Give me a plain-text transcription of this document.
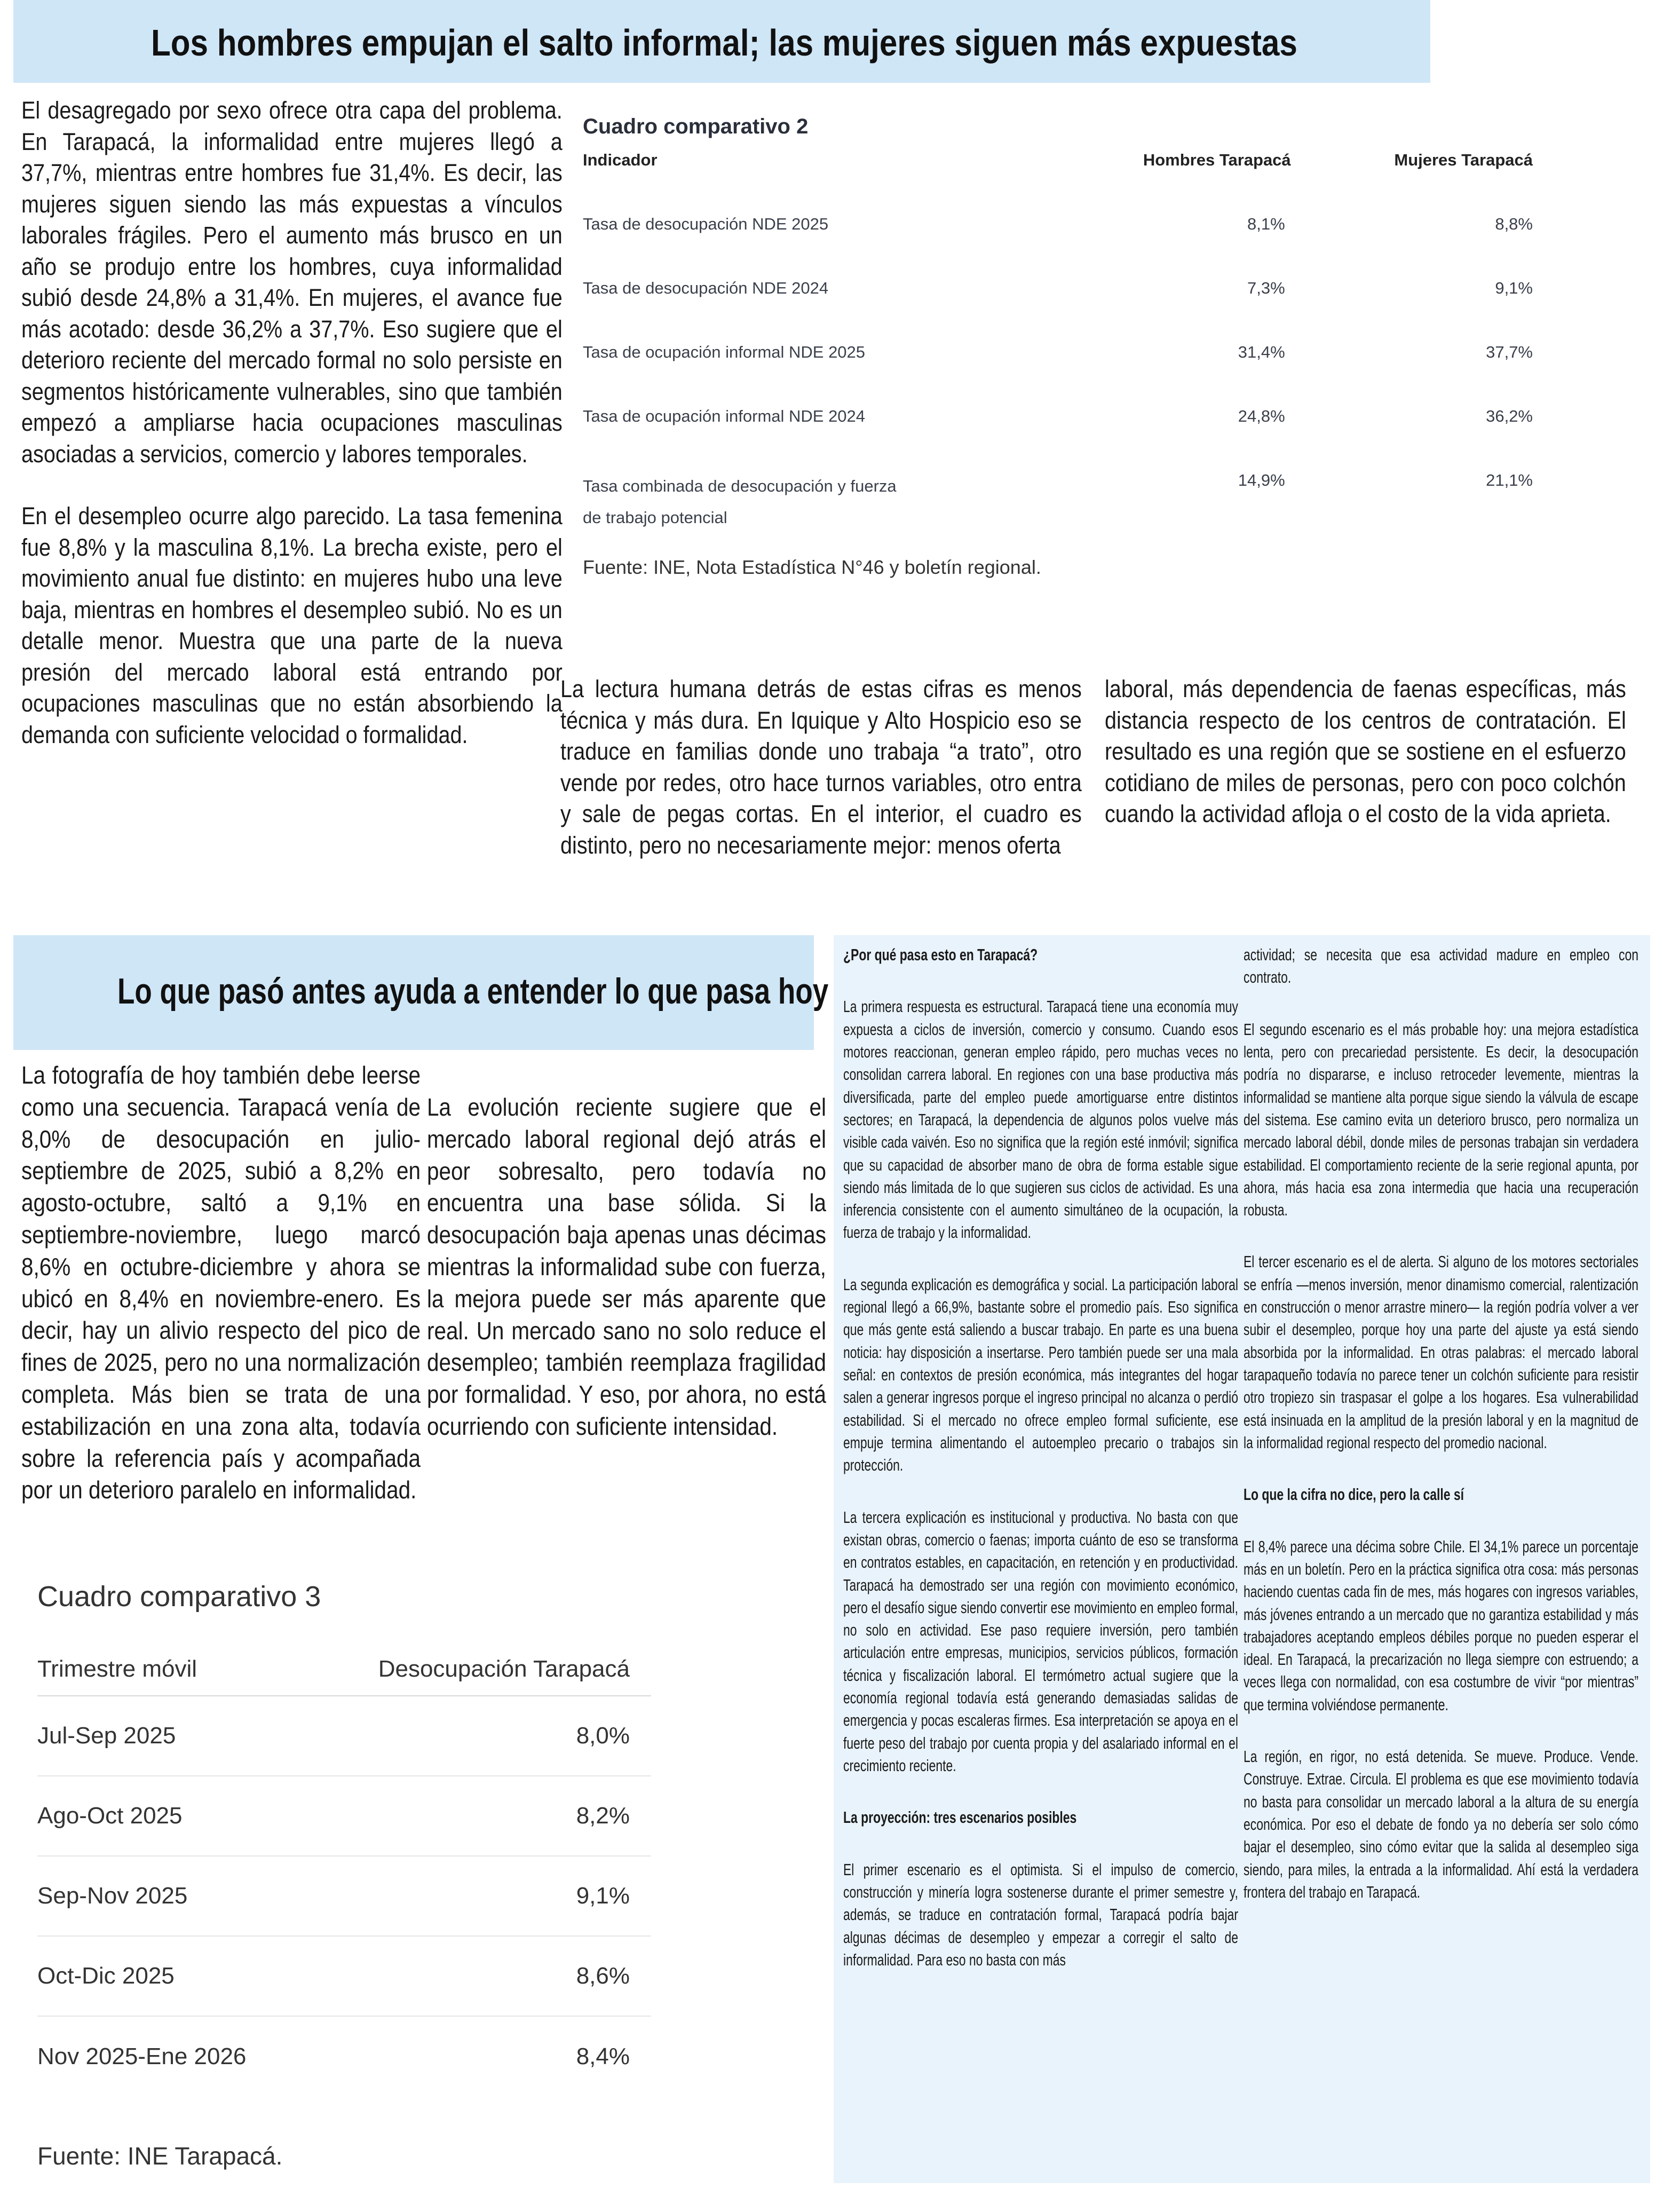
Los hombres empujan el salto informal; las mujeres siguen más expuestas

El desagregado por sexo ofrece otra capa del problema. En Tarapacá, la informalidad entre mujeres llegó a 37,7%, mientras entre hombres fue 31,4%. Es decir, las mujeres siguen siendo las más expuestas a vínculos laborales frágiles. Pero el aumento más brusco en un año se produjo entre los hombres, cuya informalidad subió desde 24,8% a 31,4%. En mujeres, el avance fue más acotado: desde 36,2% a 37,7%. Eso sugiere que el deterioro reciente del mercado formal no solo persiste en segmentos históricamente vulnerables, sino que también empezó a ampliarse hacia ocupaciones masculinas asociadas a servicios, comercio y labores temporales.

En el desempleo ocurre algo parecido. La tasa femenina fue 8,8% y la masculina 8,1%. La brecha existe, pero el movimiento anual fue distinto: en mujeres hubo una leve baja, mientras en hombres el desempleo subió. No es un detalle menor. Muestra que una parte de la nueva presión del mercado laboral está entrando por ocupaciones masculinas que no están absorbiendo la demanda con suficiente velocidad o formalidad.

Cuadro comparativo 2
Indicador	Hombres Tarapacá	Mujeres Tarapacá
Tasa de desocupación NDE 2025	8,1%	8,8%
Tasa de desocupación NDE 2024	7,3%	9,1%
Tasa de ocupación informal NDE 2025	31,4%	37,7%
Tasa de ocupación informal NDE 2024	24,8%	36,2%
Tasa combinada de desocupación y fuerza de trabajo potencial	14,9%	21,1%
Fuente: INE, Nota Estadística N°46 y boletín regional.

La lectura humana detrás de estas cifras es menos técnica y más dura. En Iquique y Alto Hospicio eso se traduce en familias donde uno trabaja “a trato”, otro vende por redes, otro hace turnos variables, otro entra y sale de pegas cortas. En el interior, el cuadro es distinto, pero no necesariamente mejor: menos oferta

laboral, más dependencia de faenas específicas, más distancia respecto de los centros de contratación. El resultado es una región que se sostiene en el esfuerzo cotidiano de miles de personas, pero con poco colchón cuando la actividad afloja o el costo de la vida aprieta.

Lo que pasó antes ayuda a entender lo que pasa hoy

La fotografía de hoy también debe leerse como una secuencia. Tarapacá venía de 8,0% de desocupación en julio-septiembre de 2025, subió a 8,2% en agosto-octubre, saltó a 9,1% en septiembre-noviembre, luego marcó 8,6% en octubre-diciembre y ahora se ubicó en 8,4% en noviembre-enero. Es decir, hay un alivio respecto del pico de fines de 2025, pero no una normalización completa. Más bien se trata de una estabilización en una zona alta, todavía sobre la referencia país y acompañada por un deterioro paralelo en informalidad.

La evolución reciente sugiere que el mercado laboral regional dejó atrás el peor sobresalto, pero todavía no encuentra una base sólida. Si la desocupación baja apenas unas décimas mientras la informalidad sube con fuerza, la mejora puede ser más aparente que real. Un mercado sano no solo reduce el desempleo; también reemplaza fragilidad por formalidad. Y eso, por ahora, no está ocurriendo con suficiente intensidad.

Cuadro comparativo 3
Trimestre móvil	Desocupación Tarapacá
Jul-Sep 2025	8,0%
Ago-Oct 2025	8,2%
Sep-Nov 2025	9,1%
Oct-Dic 2025	8,6%
Nov 2025-Ene 2026	8,4%
Fuente: INE Tarapacá.
¿Por qué pasa esto en Tarapacá?

La primera respuesta es estructural. Tarapacá tiene una economía muy expuesta a ciclos de inversión, comercio y consumo. Cuando esos motores reaccionan, generan empleo rápido, pero muchas veces no consolidan carrera laboral. En regiones con una base productiva más diversificada, parte del empleo puede amortiguarse entre distintos sectores; en Tarapacá, la dependencia de algunos polos vuelve más visible cada vaivén. Eso no significa que la región esté inmóvil; significa que su capacidad de absorber mano de obra de forma estable sigue siendo más limitada de lo que sugieren sus ciclos de actividad. Es una inferencia consistente con el aumento simultáneo de la ocupación, la fuerza de trabajo y la informalidad.

La segunda explicación es demográfica y social. La participación laboral regional llegó a 66,9%, bastante sobre el promedio país. Eso significa que más gente está saliendo a buscar trabajo. En parte es una buena noticia: hay disposición a insertarse. Pero también puede ser una mala señal: en contextos de presión económica, más integrantes del hogar salen a generar ingresos porque el ingreso principal no alcanza o perdió estabilidad. Si el mercado no ofrece empleo formal suficiente, ese empuje termina alimentando el autoempleo precario o trabajos sin protección.

La tercera explicación es institucional y productiva. No basta con que existan obras, comercio o faenas; importa cuánto de eso se transforma en contratos estables, en capacitación, en retención y en productividad. Tarapacá ha demostrado ser una región con movimiento económico, pero el desafío sigue siendo convertir ese movimiento en empleo formal, no solo en actividad. Ese paso requiere inversión, pero también articulación entre empresas, municipios, servicios públicos, formación técnica y fiscalización laboral. El termómetro actual sugiere que la economía regional todavía está generando demasiadas salidas de emergencia y pocas escaleras firmes. Esa interpretación se apoya en el fuerte peso del trabajo por cuenta propia y del asalariado informal en el crecimiento reciente.

La proyección: tres escenarios posibles

El primer escenario es el optimista. Si el impulso de comercio, construcción y minería logra sostenerse durante el primer semestre y, además, se traduce en contratación formal, Tarapacá podría bajar algunas décimas de desempleo y empezar a corregir el salto de informalidad. Para eso no basta con más

actividad; se necesita que esa actividad madure en empleo con contrato.

El segundo escenario es el más probable hoy: una mejora estadística lenta, pero con precariedad persistente. Es decir, la desocupación podría no dispararse, e incluso retroceder levemente, mientras la informalidad se mantiene alta porque sigue siendo la válvula de escape del sistema. Ese camino evita un deterioro brusco, pero normaliza un mercado laboral débil, donde miles de personas trabajan sin verdadera estabilidad. El comportamiento reciente de la serie regional apunta, por ahora, más hacia esa zona intermedia que hacia una recuperación robusta.

El tercer escenario es el de alerta. Si alguno de los motores sectoriales se enfría —menos inversión, menor dinamismo comercial, ralentización en construcción o menor arrastre minero— la región podría volver a ver subir el desempleo, porque hoy una parte del ajuste ya está siendo absorbida por la informalidad. En otras palabras: el mercado laboral tarapaqueño todavía no parece tener un colchón suficiente para resistir otro tropiezo sin traspasar el golpe a los hogares. Esa vulnerabilidad está insinuada en la amplitud de la presión laboral y en la magnitud de la informalidad regional respecto del promedio nacional.

Lo que la cifra no dice, pero la calle sí

El 8,4% parece una décima sobre Chile. El 34,1% parece un porcentaje más en un boletín. Pero en la práctica significa otra cosa: más personas haciendo cuentas cada fin de mes, más hogares con ingresos variables, más jóvenes entrando a un mercado que no garantiza estabilidad y más trabajadores aceptando empleos débiles porque no pueden esperar el ideal. En Tarapacá, la precarización no llega siempre con estruendo; a veces llega con normalidad, con esa costumbre de vivir “por mientras” que termina volviéndose permanente.

La región, en rigor, no está detenida. Se mueve. Produce. Vende. Construye. Extrae. Circula. El problema es que ese movimiento todavía no basta para consolidar un mercado laboral a la altura de su energía económica. Por eso el debate de fondo ya no debería ser solo cómo bajar el desempleo, sino cómo evitar que la salida al desempleo siga siendo, para miles, la entrada a la informalidad. Ahí está la verdadera frontera del trabajo en Tarapacá.
